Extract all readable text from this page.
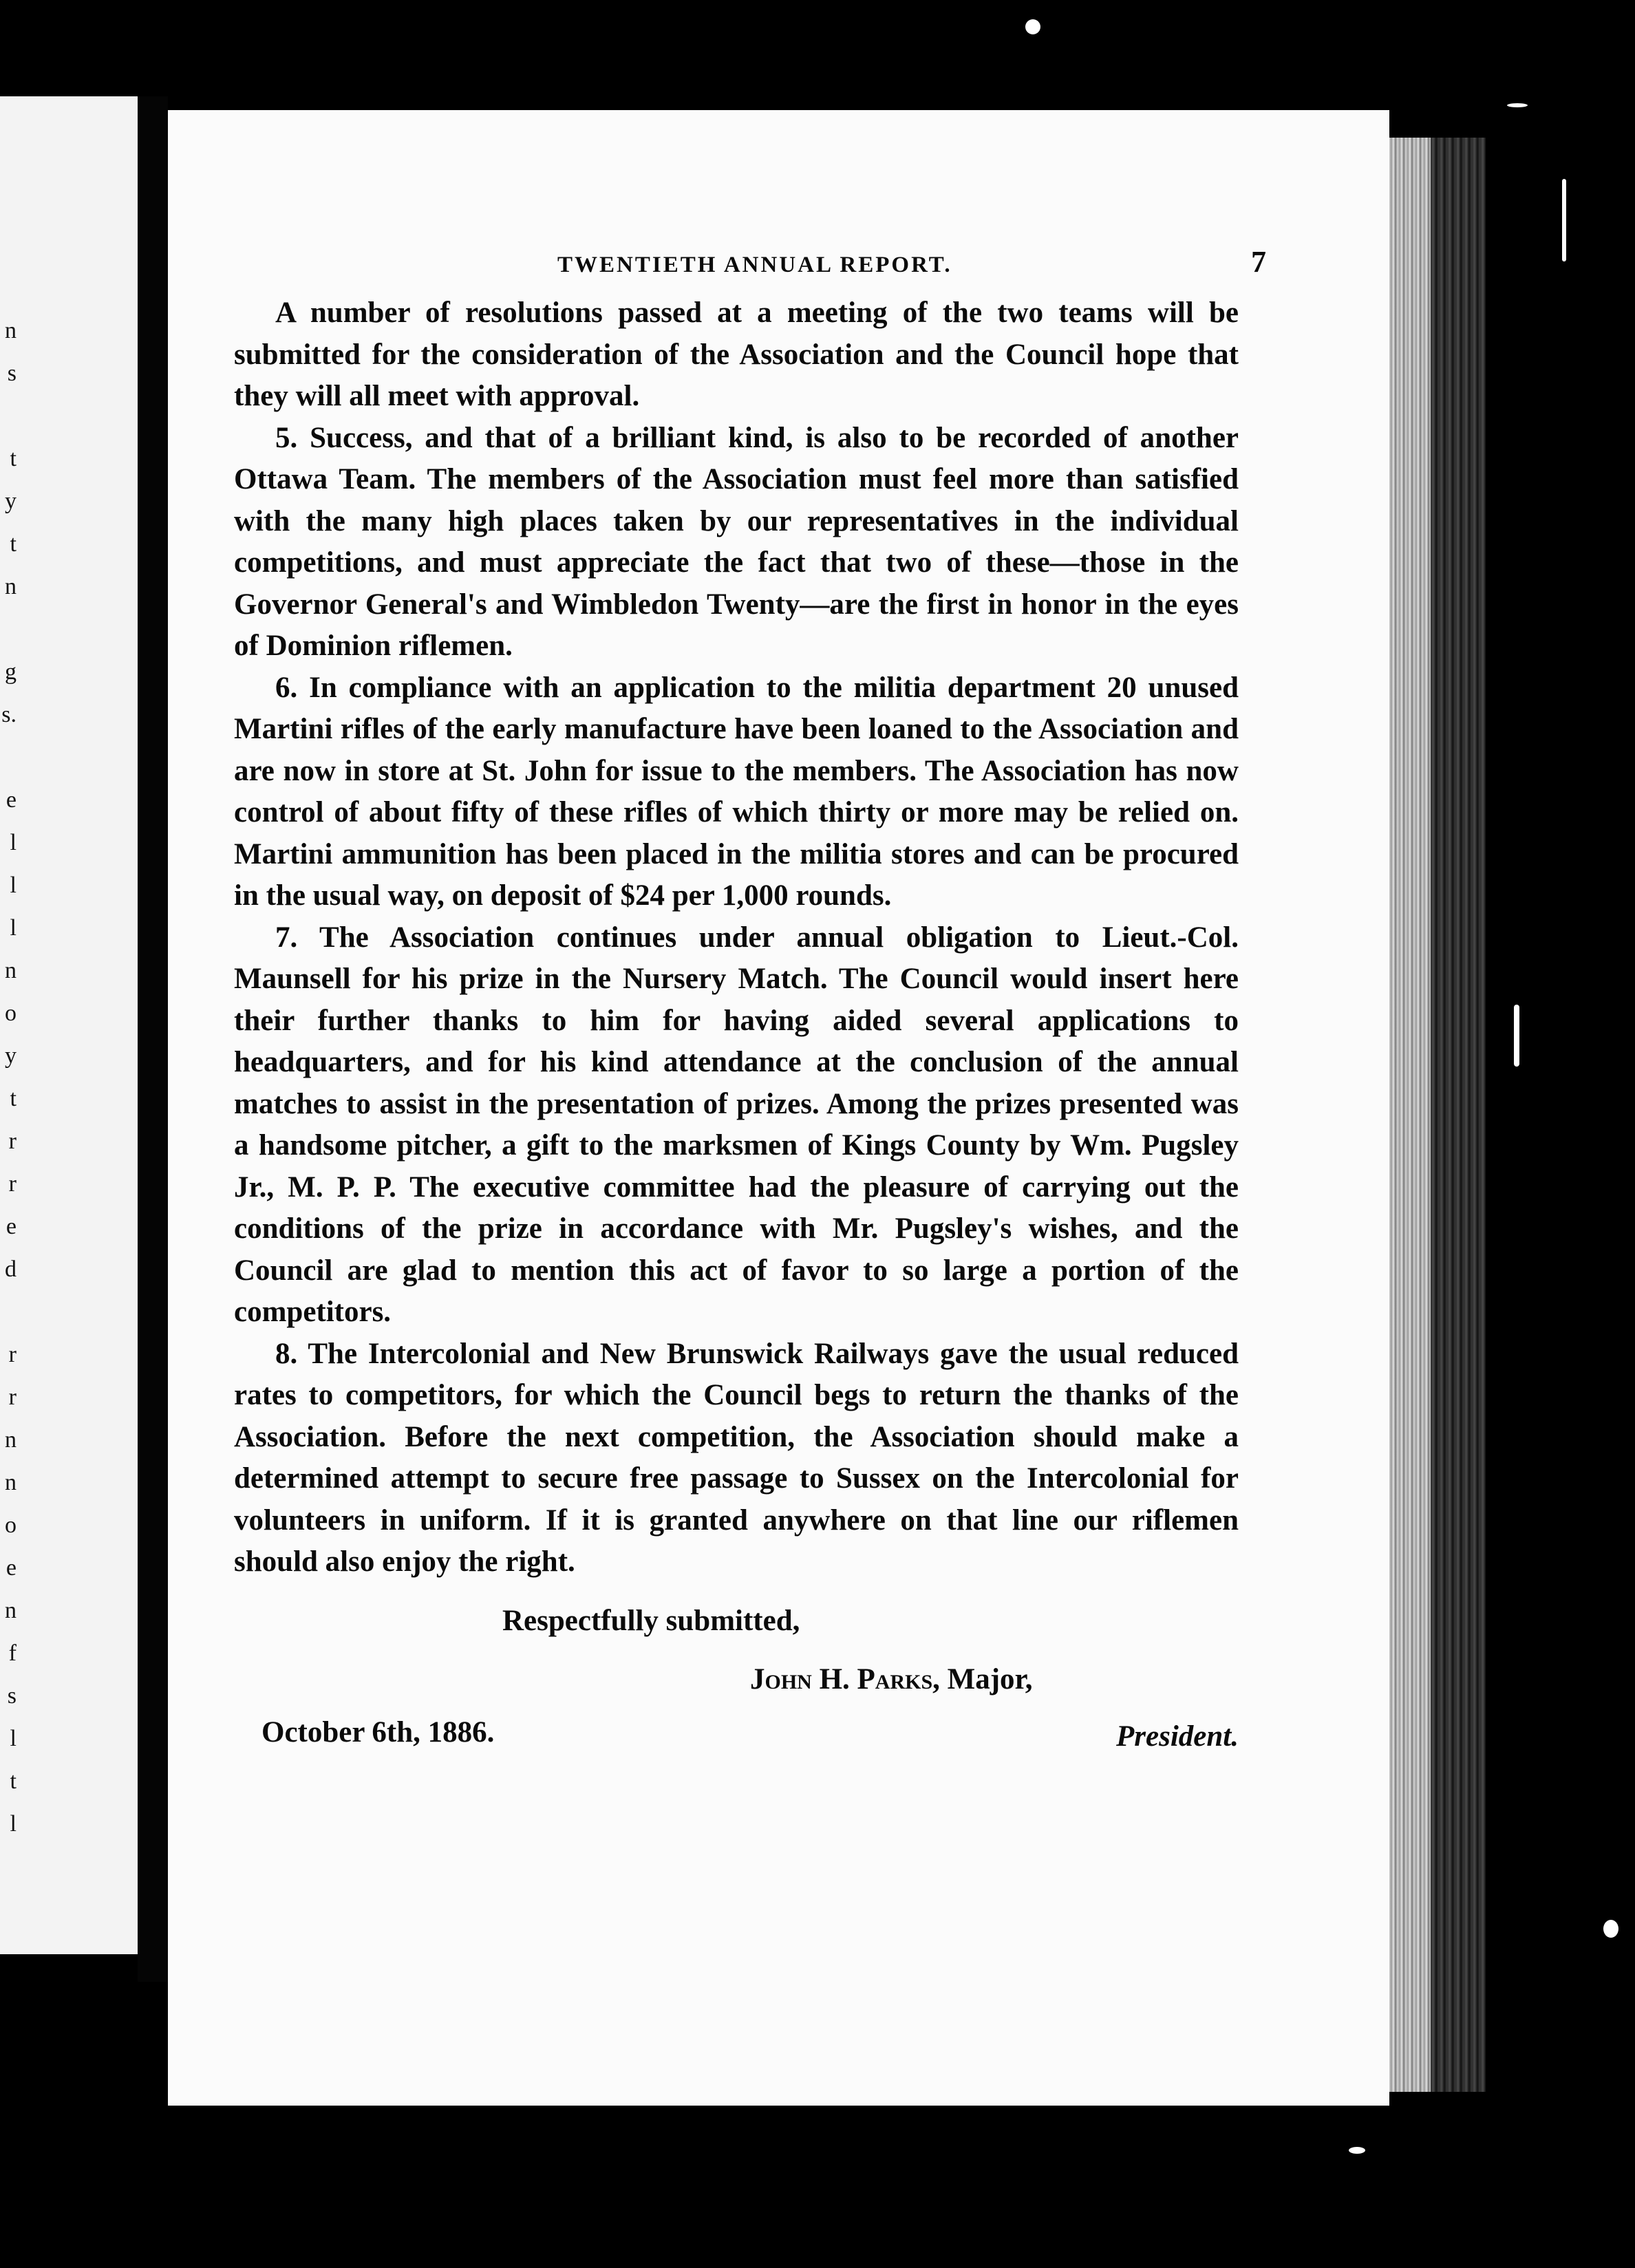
n
s

t
y
t
n

g
s.

e
l
l
l
n
o
y
t
r
r
e
d

r
r
n
n
o
e
n
f
s
l
t
l
TWENTIETH ANNUAL REPORT.	7

A number of resolutions passed at a meeting of the two teams will be submitted for the consideration of the Association and the Council hope that they will all meet with approval.

5. Success, and that of a brilliant kind, is also to be recorded of another Ottawa Team. The members of the Association must feel more than satisfied with the many high places taken by our representatives in the individual competitions, and must appreciate the fact that two of these—those in the Governor General's and Wimbledon Twenty—are the first in honor in the eyes of Dominion riflemen.

6. In compliance with an application to the militia department 20 unused Martini rifles of the early manufacture have been loaned to the Association and are now in store at St. John for issue to the members. The Association has now control of about fifty of these rifles of which thirty or more may be relied on. Martini ammunition has been placed in the militia stores and can be procured in the usual way, on deposit of $24 per 1,000 rounds.

7. The Association continues under annual obligation to Lieut.-Col. Maunsell for his prize in the Nursery Match. The Council would insert here their further thanks to him for having aided several applications to headquarters, and for his kind attendance at the conclusion of the annual matches to assist in the presentation of prizes. Among the prizes presented was a handsome pitcher, a gift to the marksmen of Kings County by Wm. Pugsley Jr., M. P. P. The executive committee had the pleasure of carrying out the conditions of the prize in accordance with Mr. Pugsley's wishes, and the Council are glad to mention this act of favor to so large a portion of the competitors.

8. The Intercolonial and New Brunswick Railways gave the usual reduced rates to competitors, for which the Council begs to return the thanks of the Association. Before the next competition, the Association should make a determined attempt to secure free passage to Sussex on the Intercolonial for volunteers in uniform. If it is granted anywhere on that line our riflemen should also enjoy the right.

Respectfully submitted,
John H. Parks, Major,
October 6th, 1886.	President.
